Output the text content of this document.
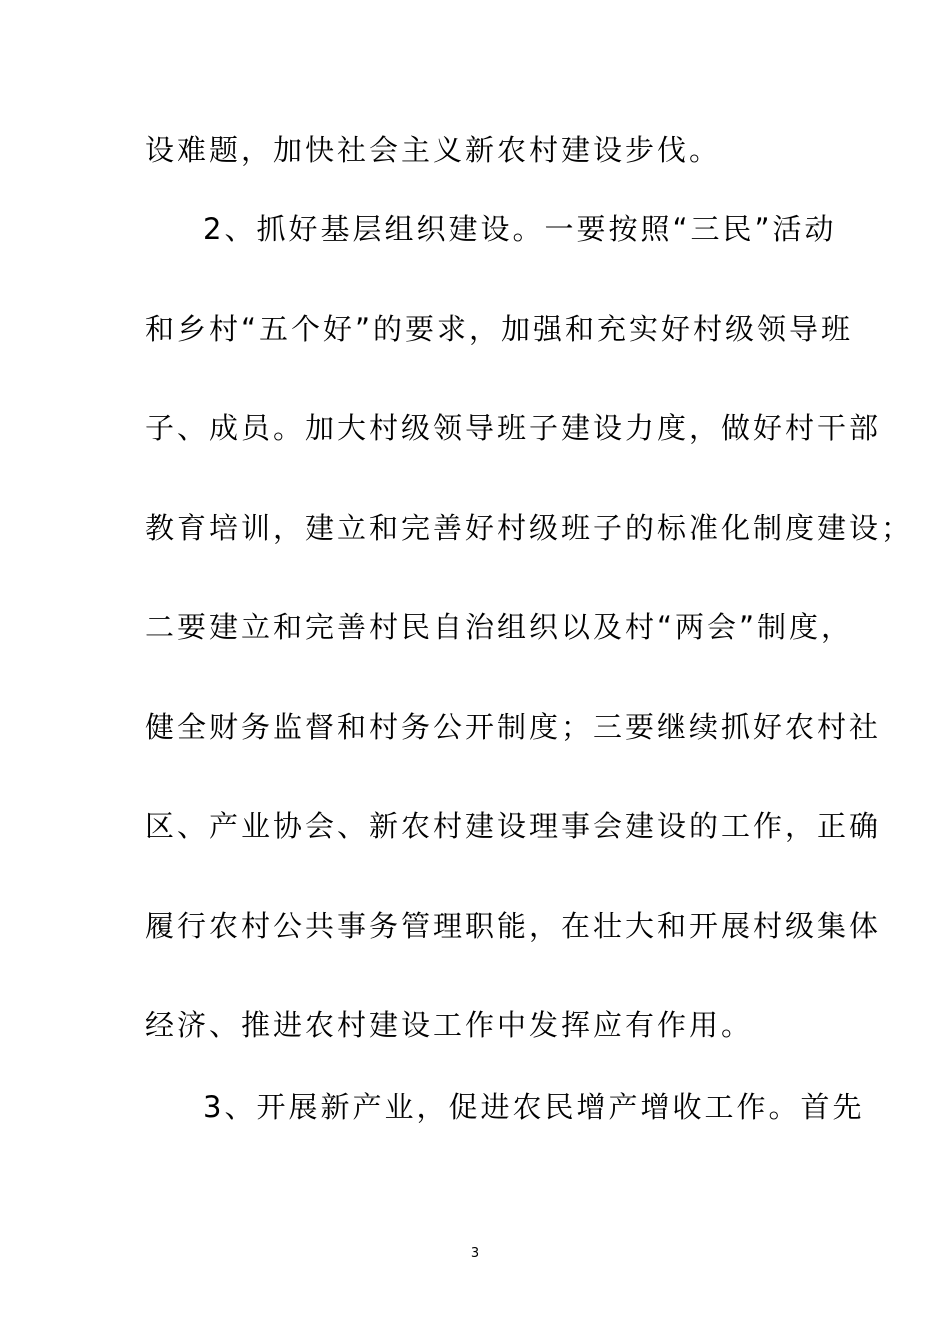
设难题，加快社会主义新农村建设步伐。
2、抓好基层组织建设。一要按照“三民”活动
和乡村“五个好”的要求，加强和充实好村级领导班
子、成员。加大村级领导班子建设力度，做好村干部
教育培训，建立和完善好村级班子的标准化制度建设；
二要建立和完善村民自治组织以及村“两会”制度，
健全财务监督和村务公开制度；三要继续抓好农村社
区、产业协会、新农村建设理事会建设的工作，正确
履行农村公共事务管理职能，在壮大和开展村级集体
经济、推进农村建设工作中发挥应有作用。
3、开展新产业，促进农民增产增收工作。首先
3
